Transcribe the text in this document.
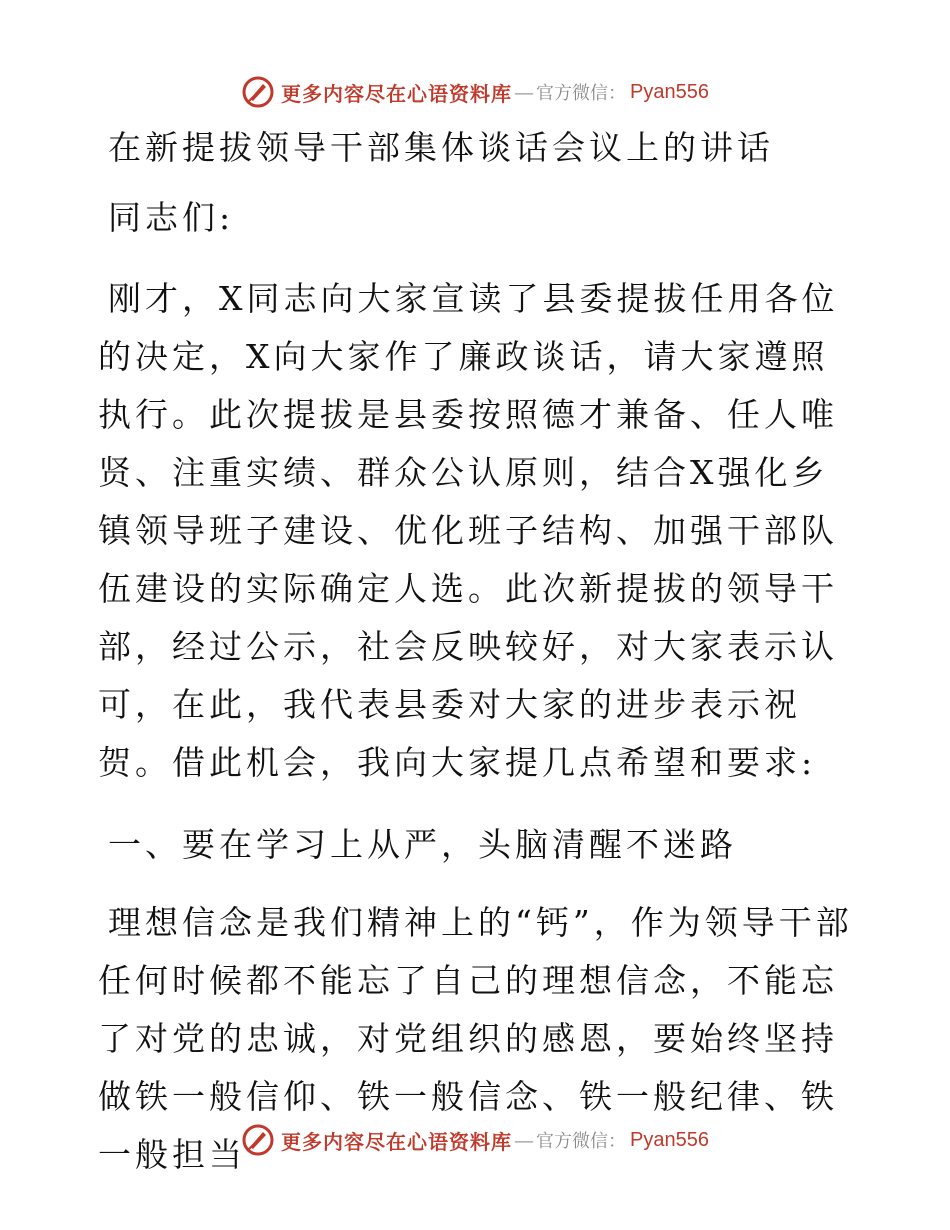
更多内容尽在心语资料库 — 官方微信： Pyan556

在新提拔领导干部集体谈话会议上的讲话

同志们:

刚才，X同志向大家宣读了县委提拔任用各位的决定，X向大家作了廉政谈话，请大家遵照执行。此次提拔是县委按照德才兼备、任人唯贤、注重实绩、群众公认原则，结合X强化乡镇领导班子建设、优化班子结构、加强干部队伍建设的实际确定人选。此次新提拔的领导干部，经过公示，社会反映较好，对大家表示认可，在此，我代表县委对大家的进步表示祝贺。借此机会，我向大家提几点希望和要求:

一、要在学习上从严，头脑清醒不迷路

理想信念是我们精神上的“钙”，作为领导干部任何时候都不能忘了自己的理想信念，不能忘了对党的忠诚，对党组织的感恩，要始终坚持做铁一般信仰、铁一般信念、铁一般纪律、铁一般担当	更多内容尽在心语资料库 — 官方微信： Pyan556
